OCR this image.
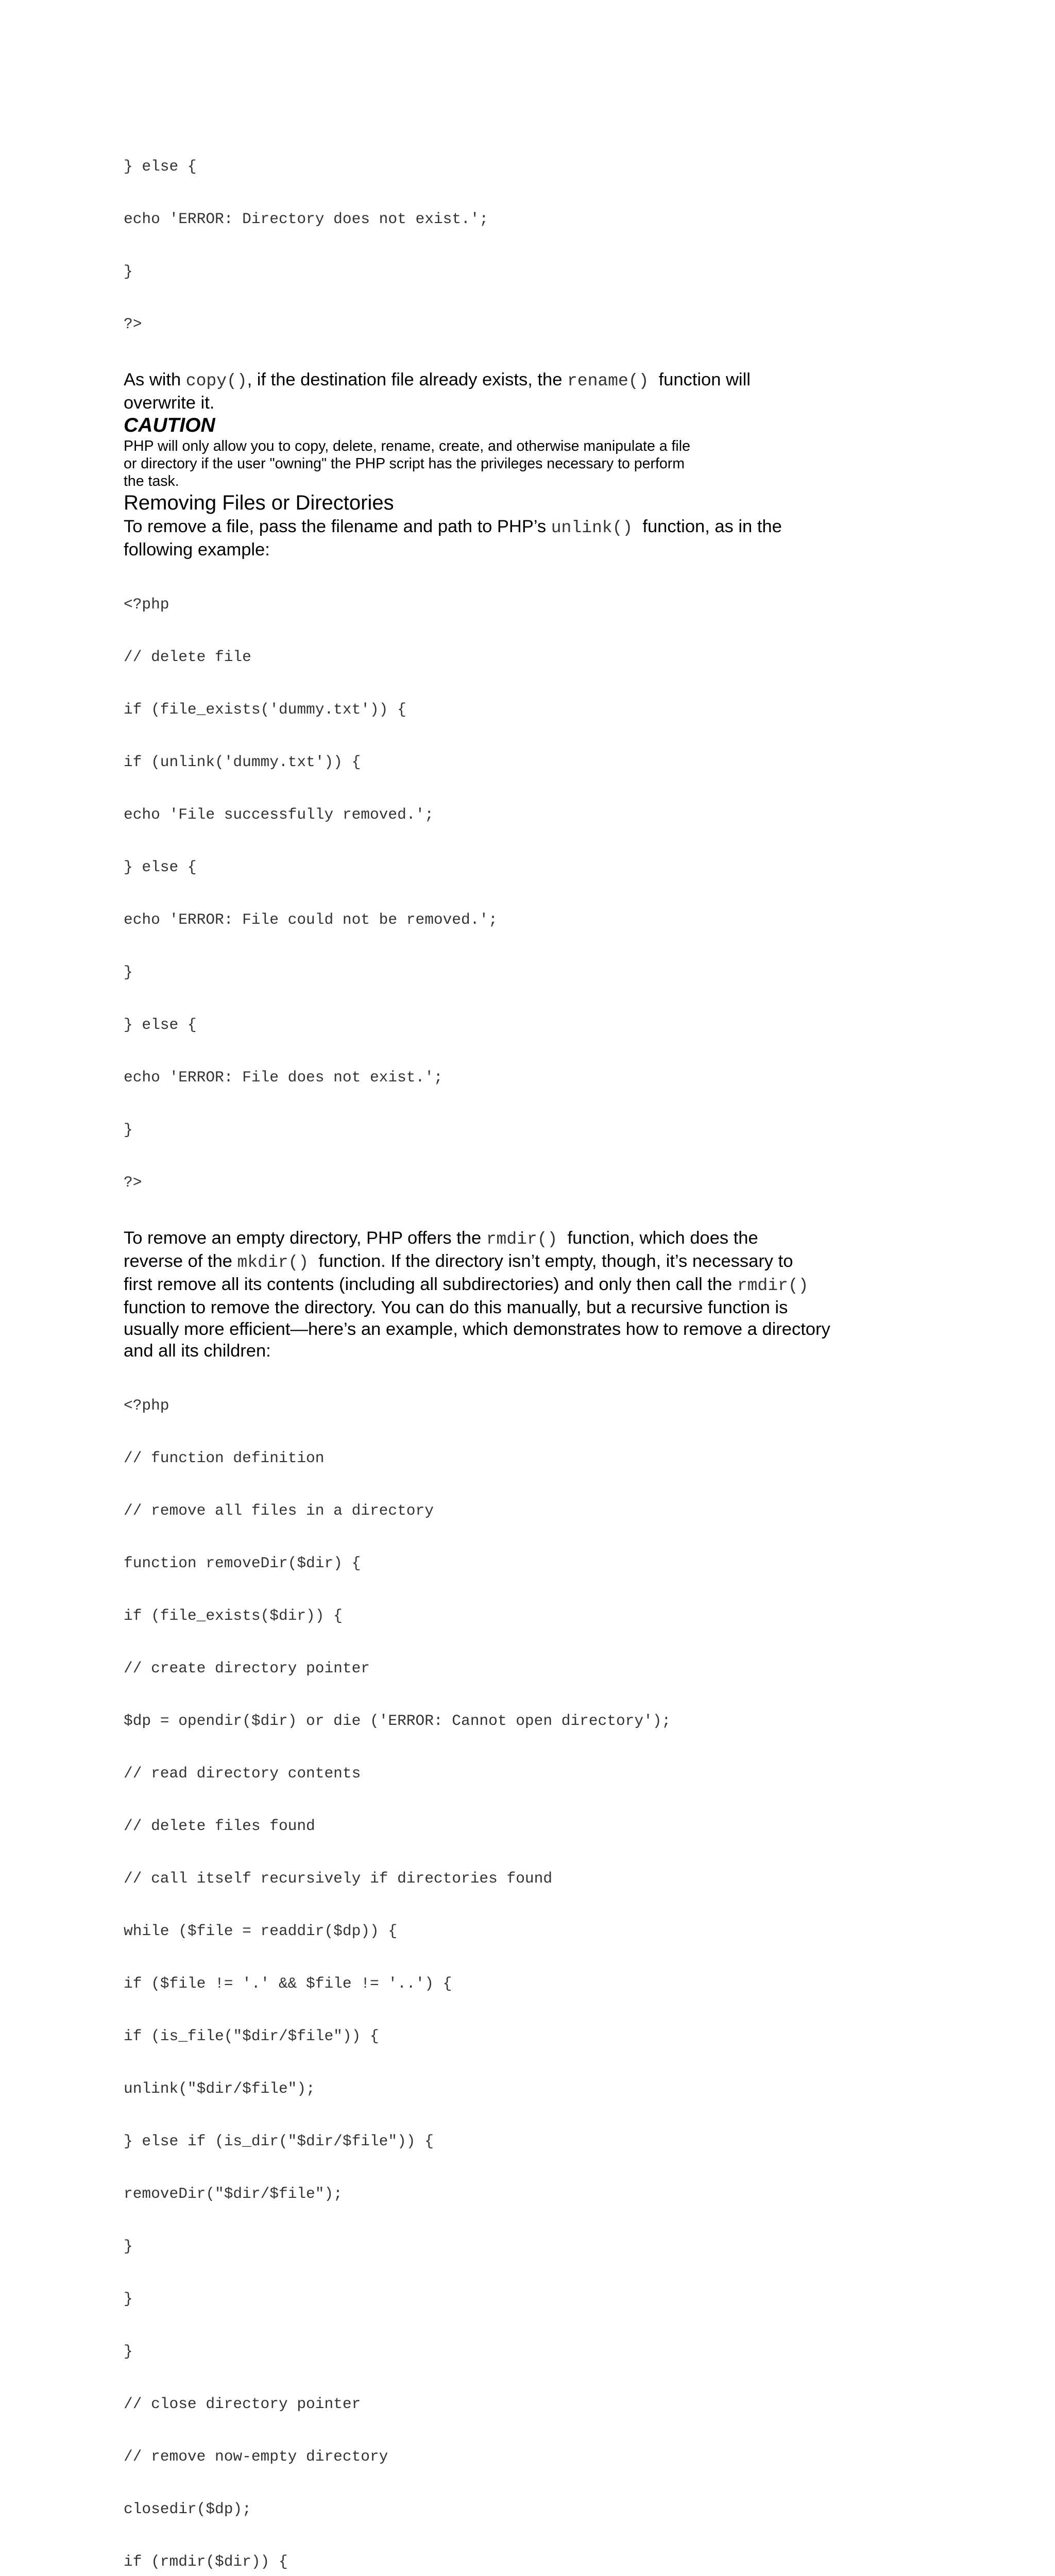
} else {

echo 'ERROR: Directory does not exist.';

}

?>

As with copy(), if the destination file already exists, the rename()  function will
overwrite it.
CAUTION
PHP will only allow you to copy, delete, rename, create, and otherwise manipulate a file
or directory if the user "owning" the PHP script has the privileges necessary to perform
the task.
Removing Files or Directories
To remove a file, pass the filename and path to PHP’s unlink()  function, as in the
following example:

<?php

// delete file

if (file_exists('dummy.txt')) {

if (unlink('dummy.txt')) {

echo 'File successfully removed.';

} else {

echo 'ERROR: File could not be removed.';

}

} else {

echo 'ERROR: File does not exist.';

}

?>

To remove an empty directory, PHP offers the rmdir()  function, which does the
reverse of the mkdir()  function. If the directory isn’t empty, though, it’s necessary to
first remove all its contents (including all subdirectories) and only then call the rmdir()
function to remove the directory. You can do this manually, but a recursive function is
usually more efficient—here’s an example, which demonstrates how to remove a directory
and all its children:

<?php

// function definition

// remove all files in a directory

function removeDir($dir) {

if (file_exists($dir)) {

// create directory pointer

$dp = opendir($dir) or die ('ERROR: Cannot open directory');

// read directory contents

// delete files found

// call itself recursively if directories found

while ($file = readdir($dp)) {

if ($file != '.' && $file != '..') {

if (is_file("$dir/$file")) {

unlink("$dir/$file");

} else if (is_dir("$dir/$file")) {

removeDir("$dir/$file");

}

}

}

// close directory pointer

// remove now-empty directory

closedir($dp);

if (rmdir($dir)) {
